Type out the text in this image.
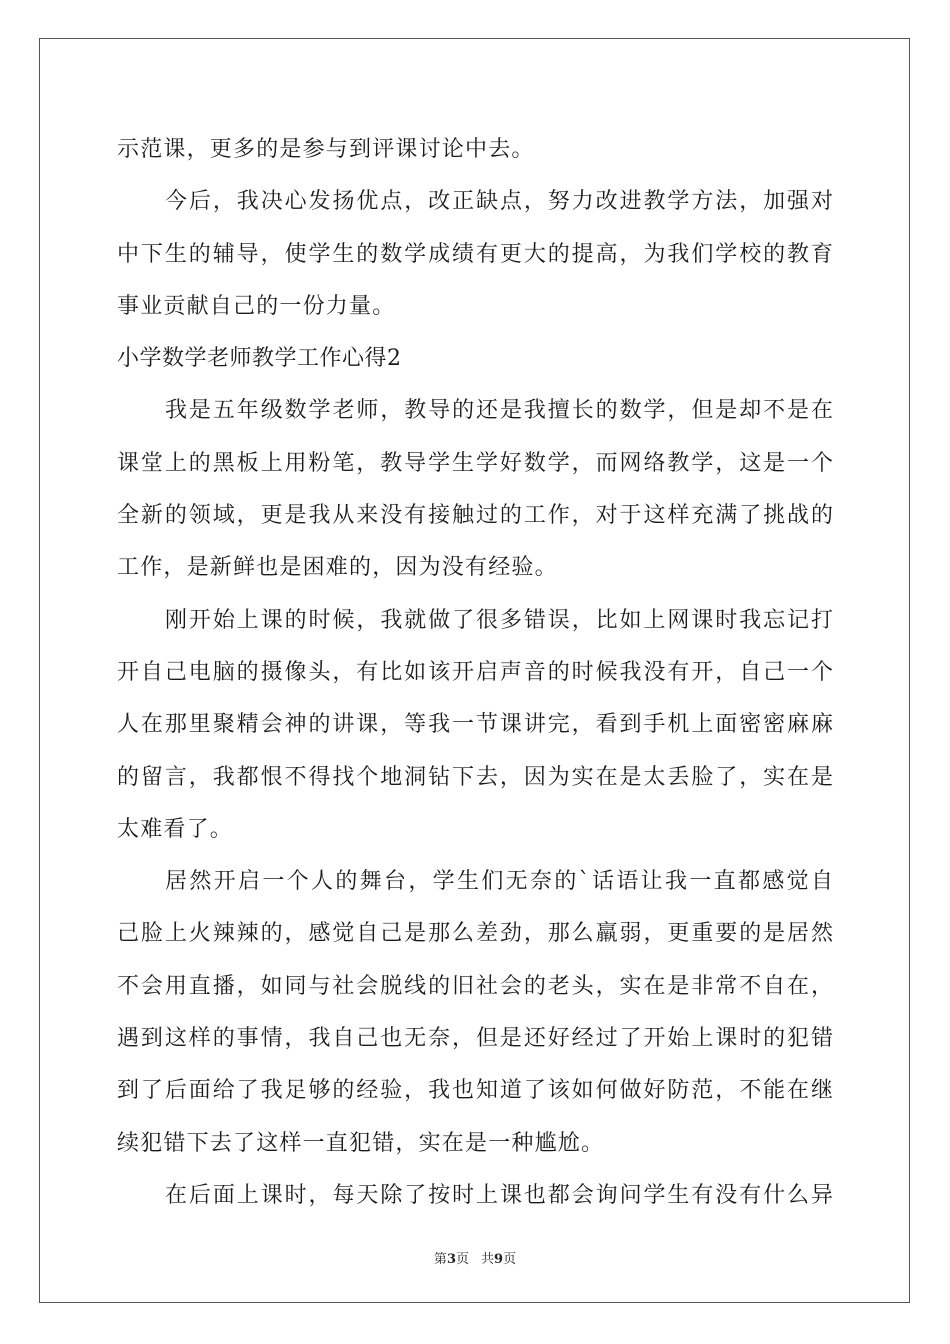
示范课，更多的是参与到评课讨论中去。
今后，我决心发扬优点，改正缺点，努力改进教学方法，加强对
中下生的辅导，使学生的数学成绩有更大的提高，为我们学校的教育
事业贡献自己的一份力量。
小学数学老师教学工作心得2
我是五年级数学老师，教导的还是我擅长的数学，但是却不是在
课堂上的黑板上用粉笔，教导学生学好数学，而网络教学，这是一个
全新的领域，更是我从来没有接触过的工作，对于这样充满了挑战的
工作，是新鲜也是困难的，因为没有经验。
刚开始上课的时候，我就做了很多错误，比如上网课时我忘记打
开自己电脑的摄像头，有比如该开启声音的时候我没有开，自己一个
人在那里聚精会神的讲课，等我一节课讲完，看到手机上面密密麻麻
的留言，我都恨不得找个地洞钻下去，因为实在是太丢脸了，实在是
太难看了。
居然开启一个人的舞台，学生们无奈的`话语让我一直都感觉自
己脸上火辣辣的，感觉自己是那么差劲，那么羸弱，更重要的是居然
不会用直播，如同与社会脱线的旧社会的老头，实在是非常不自在，
遇到这样的事情，我自己也无奈，但是还好经过了开始上课时的犯错
到了后面给了我足够的经验，我也知道了该如何做好防范，不能在继
续犯错下去了这样一直犯错，实在是一种尴尬。
在后面上课时，每天除了按时上课也都会询问学生有没有什么异
第3页 共9页
